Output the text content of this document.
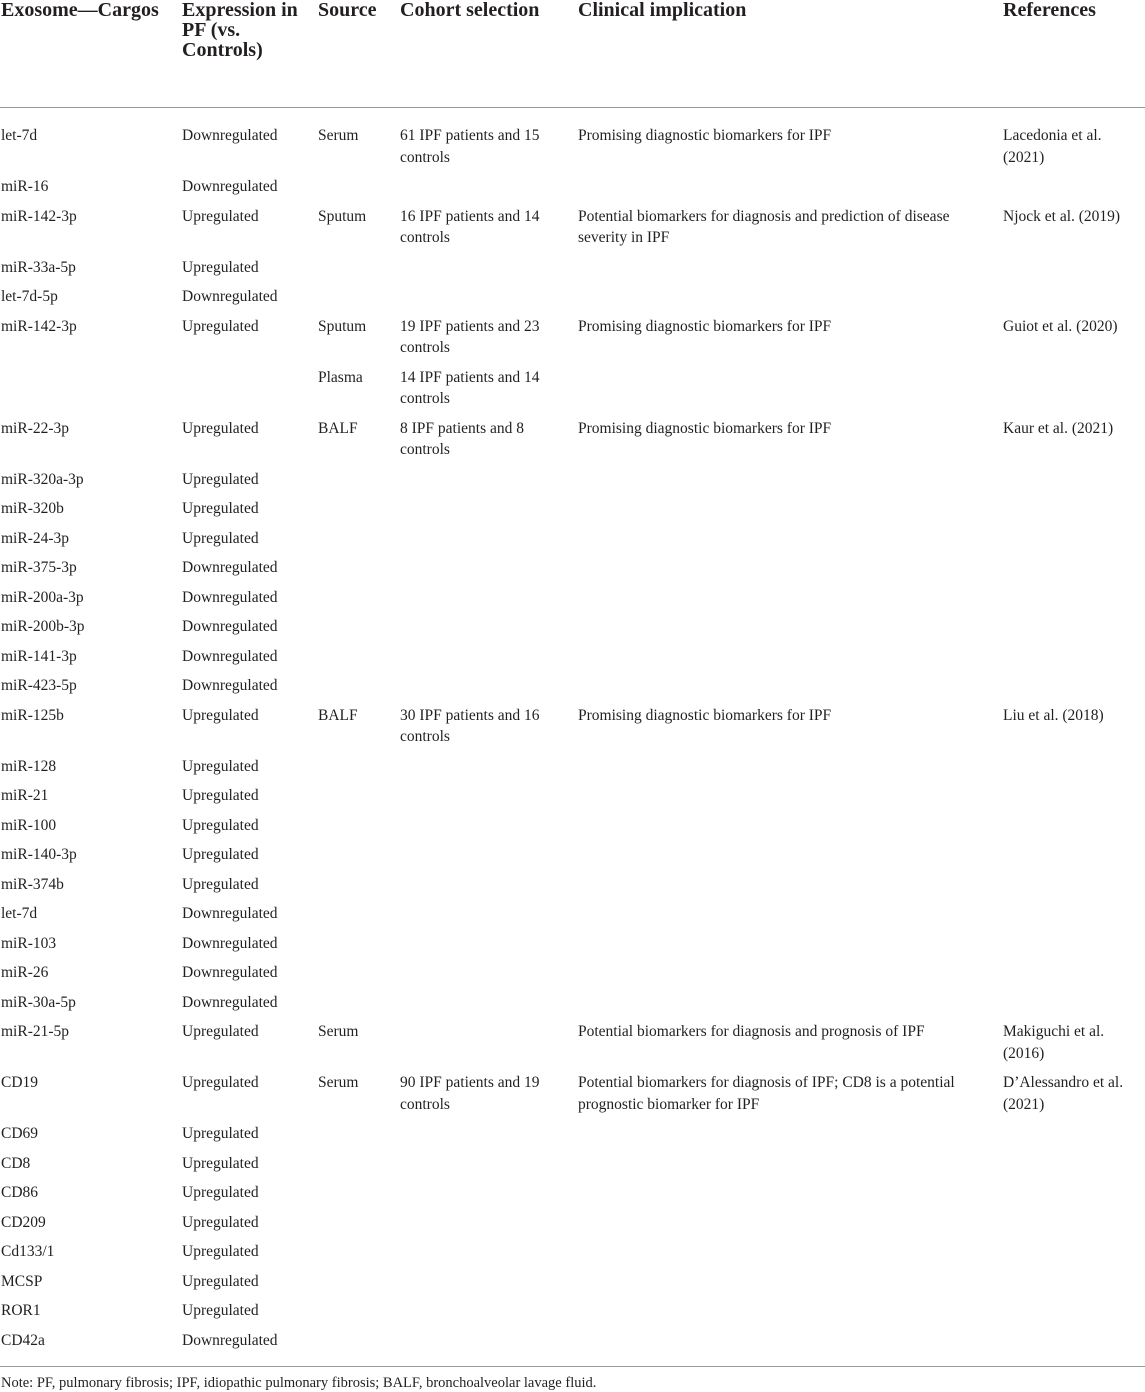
Exosome—Cargos	Expression in PF (vs. Controls)	Source	Cohort selection	Clinical implication	References
let-7d	Downregulated	Serum	61 IPF patients and 15 controls	Promising diagnostic biomarkers for IPF	Lacedonia et al. (2021)
miR-16	Downregulated				
miR-142-3p	Upregulated	Sputum	16 IPF patients and 14 controls	Potential biomarkers for diagnosis and prediction of disease severity in IPF	Njock et al. (2019)
miR-33a-5p	Upregulated				
let-7d-5p	Downregulated				
miR-142-3p	Upregulated	Sputum	19 IPF patients and 23 controls	Promising diagnostic biomarkers for IPF	Guiot et al. (2020)
		Plasma	14 IPF patients and 14 controls		
miR-22-3p	Upregulated	BALF	8 IPF patients and 8 controls	Promising diagnostic biomarkers for IPF	Kaur et al. (2021)
miR-320a-3p	Upregulated				
miR-320b	Upregulated				
miR-24-3p	Upregulated				
miR-375-3p	Downregulated				
miR-200a-3p	Downregulated				
miR-200b-3p	Downregulated				
miR-141-3p	Downregulated				
miR-423-5p	Downregulated				
miR-125b	Upregulated	BALF	30 IPF patients and 16 controls	Promising diagnostic biomarkers for IPF	Liu et al. (2018)
miR-128	Upregulated				
miR-21	Upregulated				
miR-100	Upregulated				
miR-140-3p	Upregulated				
miR-374b	Upregulated				
let-7d	Downregulated				
miR-103	Downregulated				
miR-26	Downregulated				
miR-30a-5p	Downregulated				
miR-21-5p	Upregulated	Serum		Potential biomarkers for diagnosis and prognosis of IPF	Makiguchi et al. (2016)
CD19	Upregulated	Serum	90 IPF patients and 19 controls	Potential biomarkers for diagnosis of IPF; CD8 is a potential prognostic biomarker for IPF	D’Alessandro et al. (2021)
CD69	Upregulated				
CD8	Upregulated				
CD86	Upregulated				
CD209	Upregulated				
Cd133/1	Upregulated				
MCSP	Upregulated				
ROR1	Upregulated				
CD42a	Downregulated				
Note: PF, pulmonary fibrosis; IPF, idiopathic pulmonary fibrosis; BALF, bronchoalveolar lavage fluid.
